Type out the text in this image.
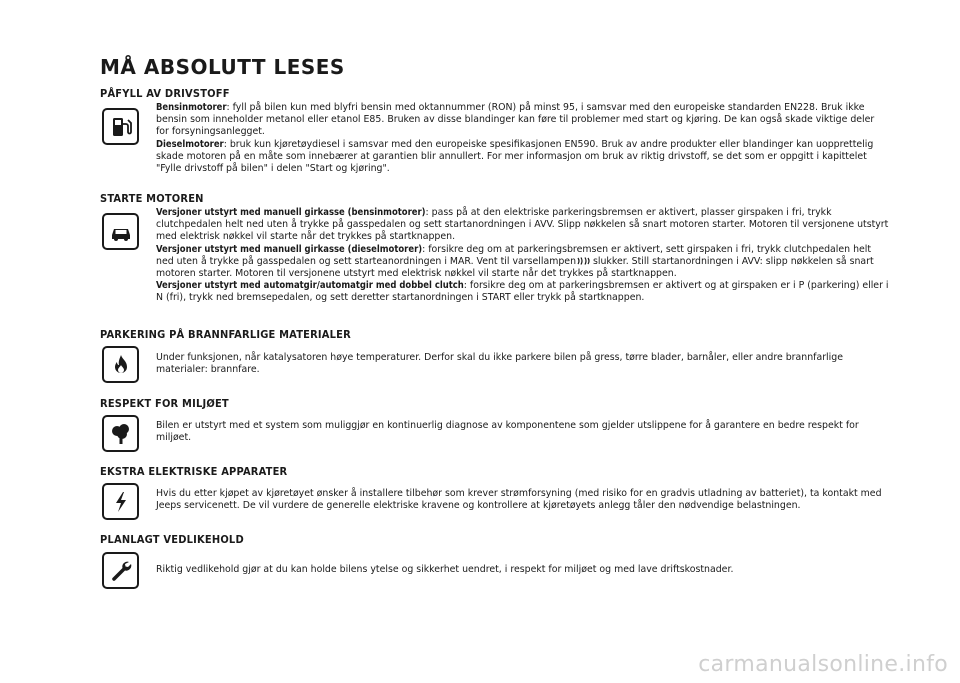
MÅ ABSOLUTT LESES
PÅFYLL AV DRIVSTOFF

Bensinmotorer: fyll på bilen kun med blyfri bensin med oktannummer (RON) på minst 95, i samsvar med den europeiske standarden EN228. Bruk ikke bensin som inneholder metanol eller etanol E85. Bruken av disse blandinger kan føre til problemer med start og kjøring. De kan også skade viktige deler for forsyningsanlegget.

Dieselmotorer: bruk kun kjøretøydiesel i samsvar med den europeiske spesifikasjonen EN590. Bruk av andre produkter eller blandinger kan uopprettelig skade motoren på en måte som innebærer at garantien blir annullert. For mer informasjon om bruk av riktig drivstoff, se det som er oppgitt i kapittelet "Fylle drivstoff på bilen" i delen "Start og kjøring".

STARTE MOTOREN

Versjoner utstyrt med manuell girkasse (bensinmotorer): pass på at den elektriske parkeringsbremsen er aktivert, plasser girspaken i fri, trykk clutchpedalen helt ned uten å trykke på gasspedalen og sett startanordningen i AVV. Slipp nøkkelen så snart motoren starter. Motoren til versjonene utstyrt med elektrisk nøkkel vil starte når det trykkes på startknappen.

Versjoner utstyrt med manuell girkasse (dieselmotorer): forsikre deg om at parkeringsbremsen er aktivert, sett girspaken i fri, trykk clutchpedalen helt ned uten å trykke på gasspedalen og sett starteanordningen i MAR. Vent til varsellampen slukker. Still startanordningen i AVV: slipp nøkkelen så snart motoren starter. Motoren til versjonene utstyrt med elektrisk nøkkel vil starte når det trykkes på startknappen.

Versjoner utstyrt med automatgir/automatgir med dobbel clutch: forsikre deg om at parkeringsbremsen er aktivert og at girspaken er i P (parkering) eller i N (fri), trykk ned bremsepedalen, og sett deretter startanordningen i START eller trykk på startknappen.

PARKERING PÅ BRANNFARLIGE MATERIALER

Under funksjonen, når katalysatoren høye temperaturer. Derfor skal du ikke parkere bilen på gress, tørre blader, barnåler, eller andre brannfarlige materialer: brannfare.

RESPEKT FOR MILJØET

Bilen er utstyrt med et system som muliggjør en kontinuerlig diagnose av komponentene som gjelder utslippene for å garantere en bedre respekt for miljøet.

EKSTRA ELEKTRISKE APPARATER

Hvis du etter kjøpet av kjøretøyet ønsker å installere tilbehør som krever strømforsyning (med risiko for en gradvis utladning av batteriet), ta kontakt med Jeeps servicenett. De vil vurdere de generelle elektriske kravene og kontrollere at kjøretøyets anlegg tåler den nødvendige belastningen.

PLANLAGT VEDLIKEHOLD

Riktig vedlikehold gjør at du kan holde bilens ytelse og sikkerhet uendret, i respekt for miljøet og med lave driftskostnader.

carmanualsonline.info
